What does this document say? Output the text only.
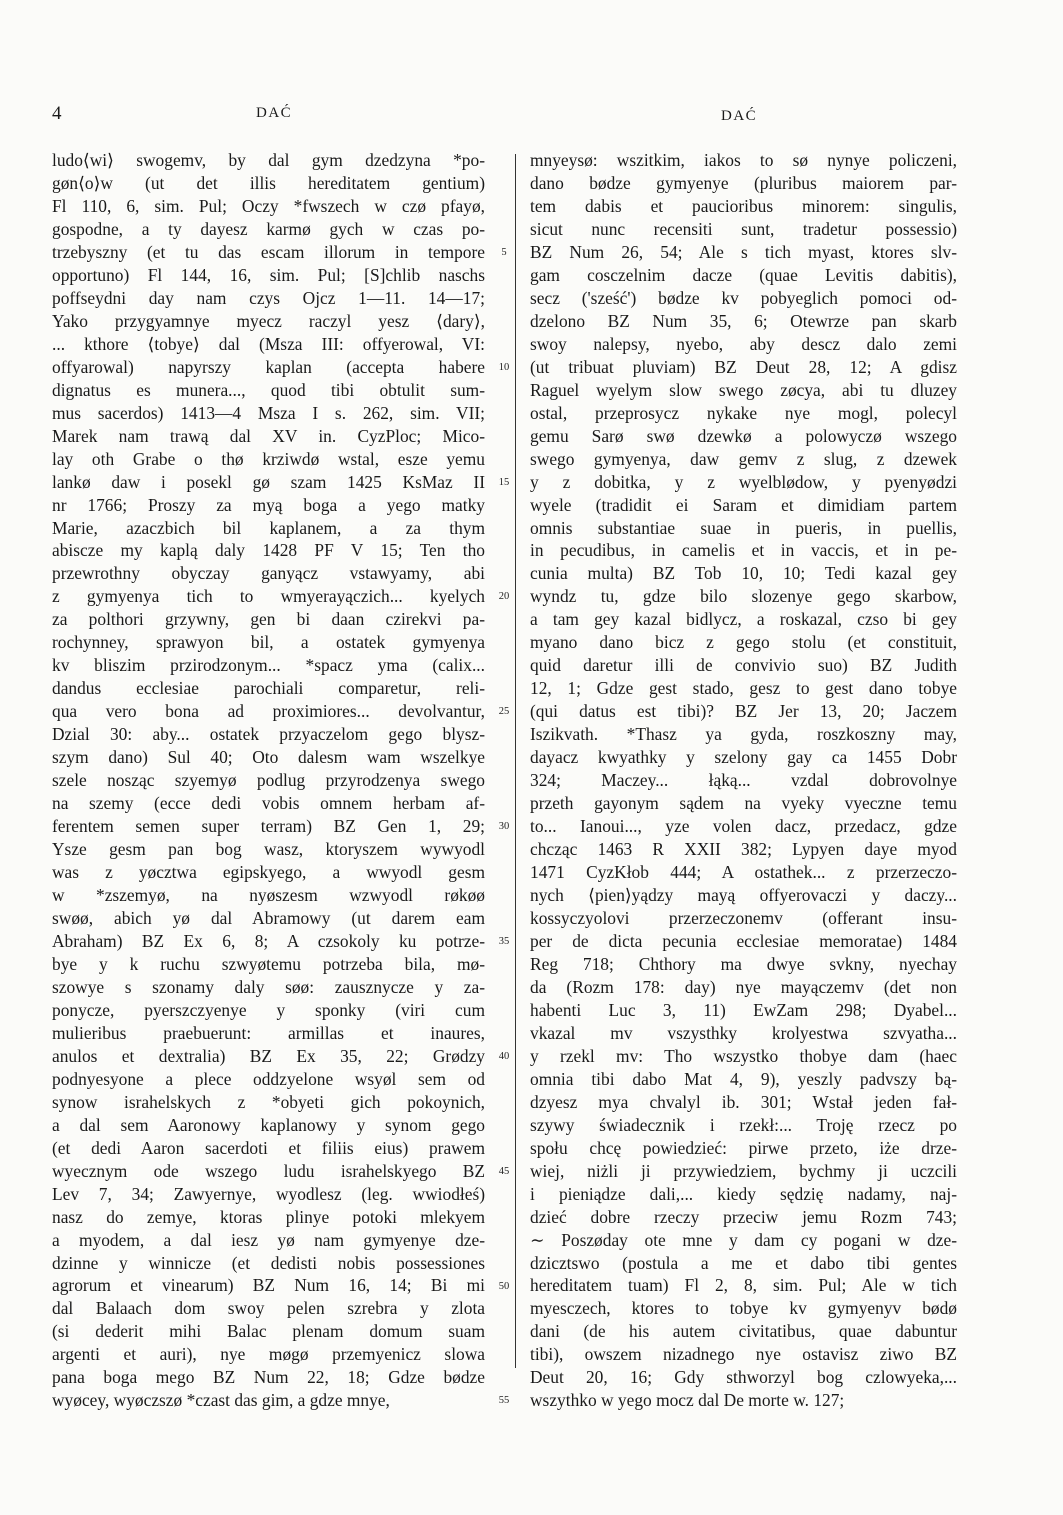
4	DAĆ	DAĆ
ludo⟨wi⟩ swogemv, by dal gym dzedzyna *po-
gøn⟨o⟩w (ut det illis hereditatem gentium)
Fl 110, 6, sim. Pul; Oczy *fwszech w czø pfayø,
gospodne, a ty dayesz karmø gych w czas po-
trzebyszny (et tu das escam illorum in tempore
opportuno) Fl 144, 16, sim. Pul; [S]chlib naschs
poffseydni day nam czys Ojcz 1—11. 14—17;
Yako przygyamnye myecz raczyl yesz ⟨dary⟩,
... kthore ⟨tobye⟩ dal (Msza III: offyerowal, VI:
offyarowal) napyrszy kaplan (accepta habere
dignatus es munera..., quod tibi obtulit sum-
mus sacerdos) 1413—4 Msza I s. 262, sim. VII;
Marek nam trawą dal XV in. CyzPloc; Mico-
lay oth Grabe o thø krziwdø wstal, esze yemu
lankø daw i posekl gø szam 1425 KsMaz II
nr 1766; Proszy za myą boga a yego matky
Marie, azaczbich bil kaplanem, a za thym
abiscze my kaplą daly 1428 PF V 15; Ten tho
przewrothny obyczay ganyącz vstawyamy, abi
z gymyenya tich to wmyerayączich... kyelych
za polthori grzywny, gen bi daan czirekvi pa-
rochynney, sprawyon bil, a ostatek gymyenya
kv bliszim przirodzonym... *spacz yma (calix...
dandus ecclesiae parochiali comparetur, reli-
qua vero bona ad proximiores... devolvantur,
Dzial 30: aby... ostatek przyaczelom gego blysz-
szym dano) Sul 40; Oto dalesm wam wszelkye
szele nosząc szyemyø podlug przyrodzenya swego
na szemy (ecce dedi vobis omnem herbam af-
ferentem semen super terram) BZ Gen 1, 29;
Ysze gesm pan bog wasz, ktoryszem wywyodl
was z yøcztwa egipskyego, a wwyodl gesm
w *zszemyø, na nyøszesm wzwyodl røkøø
swøø, abich yø dal Abramowy (ut darem eam
Abraham) BZ Ex 6, 8; A czsokoly ku potrze-
bye y k ruchu szwyøtemu potrzeba bila, mø-
szowye s szonamy daly søø: zausznycze y za-
ponycze, pyerszczyenye y sponky (viri cum
mulieribus praebuerunt: armillas et inaures,
anulos et dextralia) BZ Ex 35, 22; Grødzy
podnyesyone a plece oddzyelone wsyøl sem od
synow israhelskych z *obyeti gich pokoynich,
a dal sem Aaronowy kaplanowy y synom gego
(et dedi Aaron sacerdoti et filiis eius) prawem
wyecznym ode wszego ludu israhelskyego BZ
Lev 7, 34; Zawyernye, wyodlesz (leg. wwiodłeś)
nasz do zemye, ktoras plinye potoki mlekyem
a myodem, a dal iesz yø nam gymyenye dze-
dzinne y winnicze (et dedisti nobis possessiones
agrorum et vinearum) BZ Num 16, 14; Bi mi
dal Balaach dom swoy pelen szrebra y zlota
(si dederit mihi Balac plenam domum suam
argenti et auri), nye møgø przemyenicz slowa
pana boga mego BZ Num 22, 18; Gdze bødze
wyøcey, wyøczszø *czast das gim, a gdze mnye,
5
10
15
20
25
30
35
40
45
50
55
mnyeysø: wszitkim, iakos to sø nynye policzeni,
dano bødze gymyenye (pluribus maiorem par-
tem dabis et paucioribus minorem: singulis,
sicut nunc recensiti sunt, tradetur possessio)
BZ Num 26, 54; Ale s tich myast, ktores slv-
gam cosczelnim dacze (quae Levitis dabitis),
secz ('sześć') bødze kv pobyeglich pomoci od-
dzelono BZ Num 35, 6; Otewrze pan skarb
swoy nalepsy, nyebo, aby descz dalo zemi
(ut tribuat pluviam) BZ Deut 28, 12; A gdisz
Raguel wyelym slow swego zøcya, abi tu dluzey
ostal, przeprosycz nykake nye mogl, polecyl
gemu Sarø swø dzewkø a polowyczø wszego
swego gymyenya, daw gemv z slug, z dzewek
y z dobitka, y z wyelblødow, y pyenyødzi
wyele (tradidit ei Saram et dimidiam partem
omnis substantiae suae in pueris, in puellis,
in pecudibus, in camelis et in vaccis, et in pe-
cunia multa) BZ Tob 10, 10; Tedi kazal gey
wyndz tu, gdze bilo slozenye gego skarbow,
a tam gey kazal bidlycz, a roskazal, czso bi gey
myano dano bicz z gego stolu (et constituit,
quid daretur illi de convivio suo) BZ Judith
12, 1; Gdze gest stado, gesz to gest dano tobye
(qui datus est tibi)? BZ Jer 13, 20; Jaczem
Iszikvath. *Thasz ya gyda, roszkoszny may,
dayacz kwyathky y szelony gay ca 1455 Dobr
324; Maczey... łąką... vzdal dobrovolnye
przeth gayonym sądem na vyeky vyeczne temu
to... Ianoui..., yze volen dacz, przedacz, gdze
chcząc 1463 R XXII 382; Lypyen daye myod
1471 CyzKłob 444; A ostathek... z przerzeczo-
nych ⟨pien⟩yądzy mayą offyerovaczi y daczy...
kossyczyolovi przerzeczonemv (offerant insu-
per de dicta pecunia ecclesiae memoratae) 1484
Reg 718; Chthory ma dwye svkny, nyechay
da (Rozm 178: day) nye mayączemv (det non
habenti Luc 3, 11) EwZam 298; Dyabel...
vkazal mv vszysthky krolyestwa szvyatha...
y rzekl mv: Tho wszystko thobye dam (haec
omnia tibi dabo Mat 4, 9), yeszly padvszy bą-
dzyesz mya chvalyl ib. 301; Wstał jeden fał-
szywy świadecznik i rzekł:... Troję rzecz po
społu chcę powiedzieć: pirwe przeto, iże drze-
wiej, niżli ji przywiedziem, bychmy ji uczcili
i pieniądze dali,... kiedy sędzię nadamy, naj-
dzieć dobre rzeczy przeciw jemu Rozm 743;
∼ Poszøday ote mne y dam cy pogani w dze-
dzicztswo (postula a me et dabo tibi gentes
hereditatem tuam) Fl 2, 8, sim. Pul; Ale w tich
myesczech, ktores to tobye kv gymyenyv bødø
dani (de his autem civitatibus, quae dabuntur
tibi), owszem nizadnego nye ostavisz ziwo BZ
Deut 20, 16; Gdy sthworzyl bog czlowyeka,...
wszythko w yego mocz dal De morte w. 127;
